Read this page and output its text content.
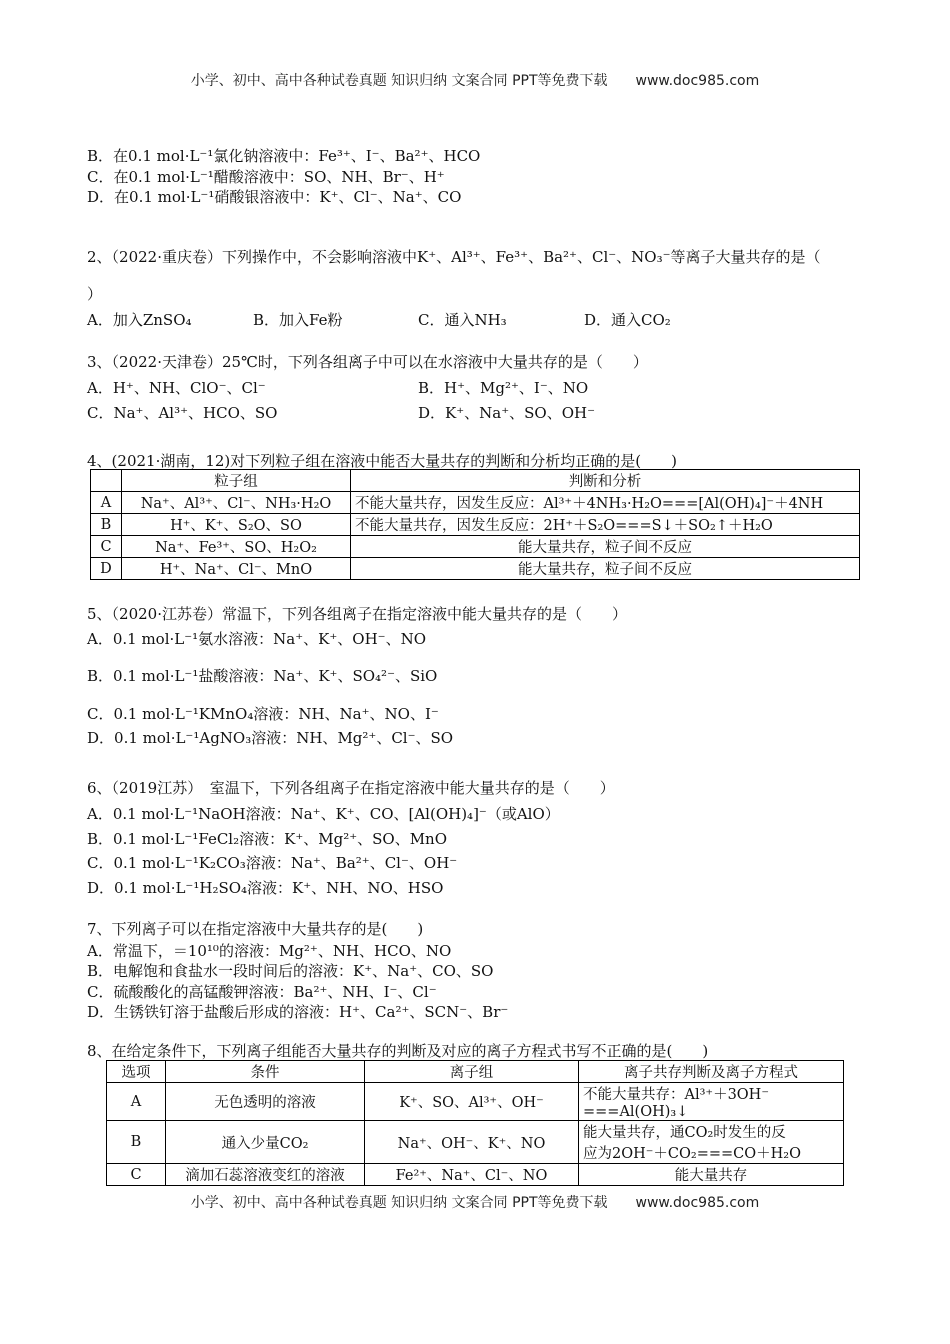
小学、初中、高中各种试卷真题 知识归纳 文案合同 PPT等免费下载　　www.doc985.com
B．在0.1 mol·L⁻¹氯化钠溶液中：Fe³⁺、I⁻、Ba²⁺、HCO
C．在0.1 mol·L⁻¹醋酸溶液中：SO、NH、Br⁻、H⁺
D．在0.1 mol·L⁻¹硝酸银溶液中：K⁺、Cl⁻、Na⁺、CO
2、（2022·重庆卷）下列操作中，不会影响溶液中K⁺、Al³⁺、Fe³⁺、Ba²⁺、Cl⁻、NO₃⁻等离子大量共存的是（
）
A．加入ZnSO₄	B．加入Fe粉	C．通入NH₃	D．通入CO₂
3、（2022·天津卷）25℃时，下列各组离子中可以在水溶液中大量共存的是（　　）
A．H⁺、NH、ClO⁻、Cl⁻	B．H⁺、Mg²⁺、I⁻、NO
C．Na⁺、Al³⁺、HCO、SO	D．K⁺、Na⁺、SO、OH⁻
4、(2021·湖南，12)对下列粒子组在溶液中能否大量共存的判断和分析均正确的是(　　)
	粒子组	判断和分析
A	Na⁺、Al³⁺、Cl⁻、NH₃·H₂O	不能大量共存，因发生反应：Al³⁺＋4NH₃·H₂O===[Al(OH)₄]⁻＋4NH
B	H⁺、K⁺、S₂O、SO	不能大量共存，因发生反应：2H⁺＋S₂O===S↓＋SO₂↑＋H₂O
C	Na⁺、Fe³⁺、SO、H₂O₂	能大量共存，粒子间不反应
D	H⁺、Na⁺、Cl⁻、MnO	能大量共存，粒子间不反应
5、（2020·江苏卷）常温下，下列各组离子在指定溶液中能大量共存的是（　　）
A．0.1 mol·L⁻¹氨水溶液：Na⁺、K⁺、OH⁻、NO
B．0.1 mol·L⁻¹盐酸溶液：Na⁺、K⁺、SO₄²⁻、SiO
C．0.1 mol·L⁻¹KMnO₄溶液：NH、Na⁺、NO、I⁻
D．0.1 mol·L⁻¹AgNO₃溶液：NH、Mg²⁺、Cl⁻、SO
6、（2019江苏）　室温下，下列各组离子在指定溶液中能大量共存的是（　　）
A．0.1 mol·L⁻¹NaOH溶液：Na⁺、K⁺、CO、[Al(OH)₄]⁻（或AlO）
B．0.1 mol·L⁻¹FeCl₂溶液：K⁺、Mg²⁺、SO、MnO
C．0.1 mol·L⁻¹K₂CO₃溶液：Na⁺、Ba²⁺、Cl⁻、OH⁻
D．0.1 mol·L⁻¹H₂SO₄溶液：K⁺、NH、NO、HSO
7、下列离子可以在指定溶液中大量共存的是(　　)
A．常温下，＝10¹⁰的溶液：Mg²⁺、NH、HCO、NO
B．电解饱和食盐水一段时间后的溶液：K⁺、Na⁺、CO、SO
C．硫酸酸化的高锰酸钾溶液：Ba²⁺、NH、I⁻、Cl⁻
D．生锈铁钉溶于盐酸后形成的溶液：H⁺、Ca²⁺、SCN⁻、Br⁻
8、在给定条件下，下列离子组能否大量共存的判断及对应的离子方程式书写不正确的是(　　)
选项	条件	离子组	离子共存判断及离子方程式
A	无色透明的溶液	K⁺、SO、Al³⁺、OH⁻	不能大量共存：Al³⁺＋3OH⁻
===Al(OH)₃↓

B	通入少量CO₂	Na⁺、OH⁻、K⁺、NO	能大量共存，通CO₂时发生的反
应为2OH⁻＋CO₂===CO＋H₂O

C	滴加石蕊溶液变红的溶液	Fe²⁺、Na⁺、Cl⁻、NO	能大量共存
小学、初中、高中各种试卷真题 知识归纳 文案合同 PPT等免费下载　　www.doc985.com
